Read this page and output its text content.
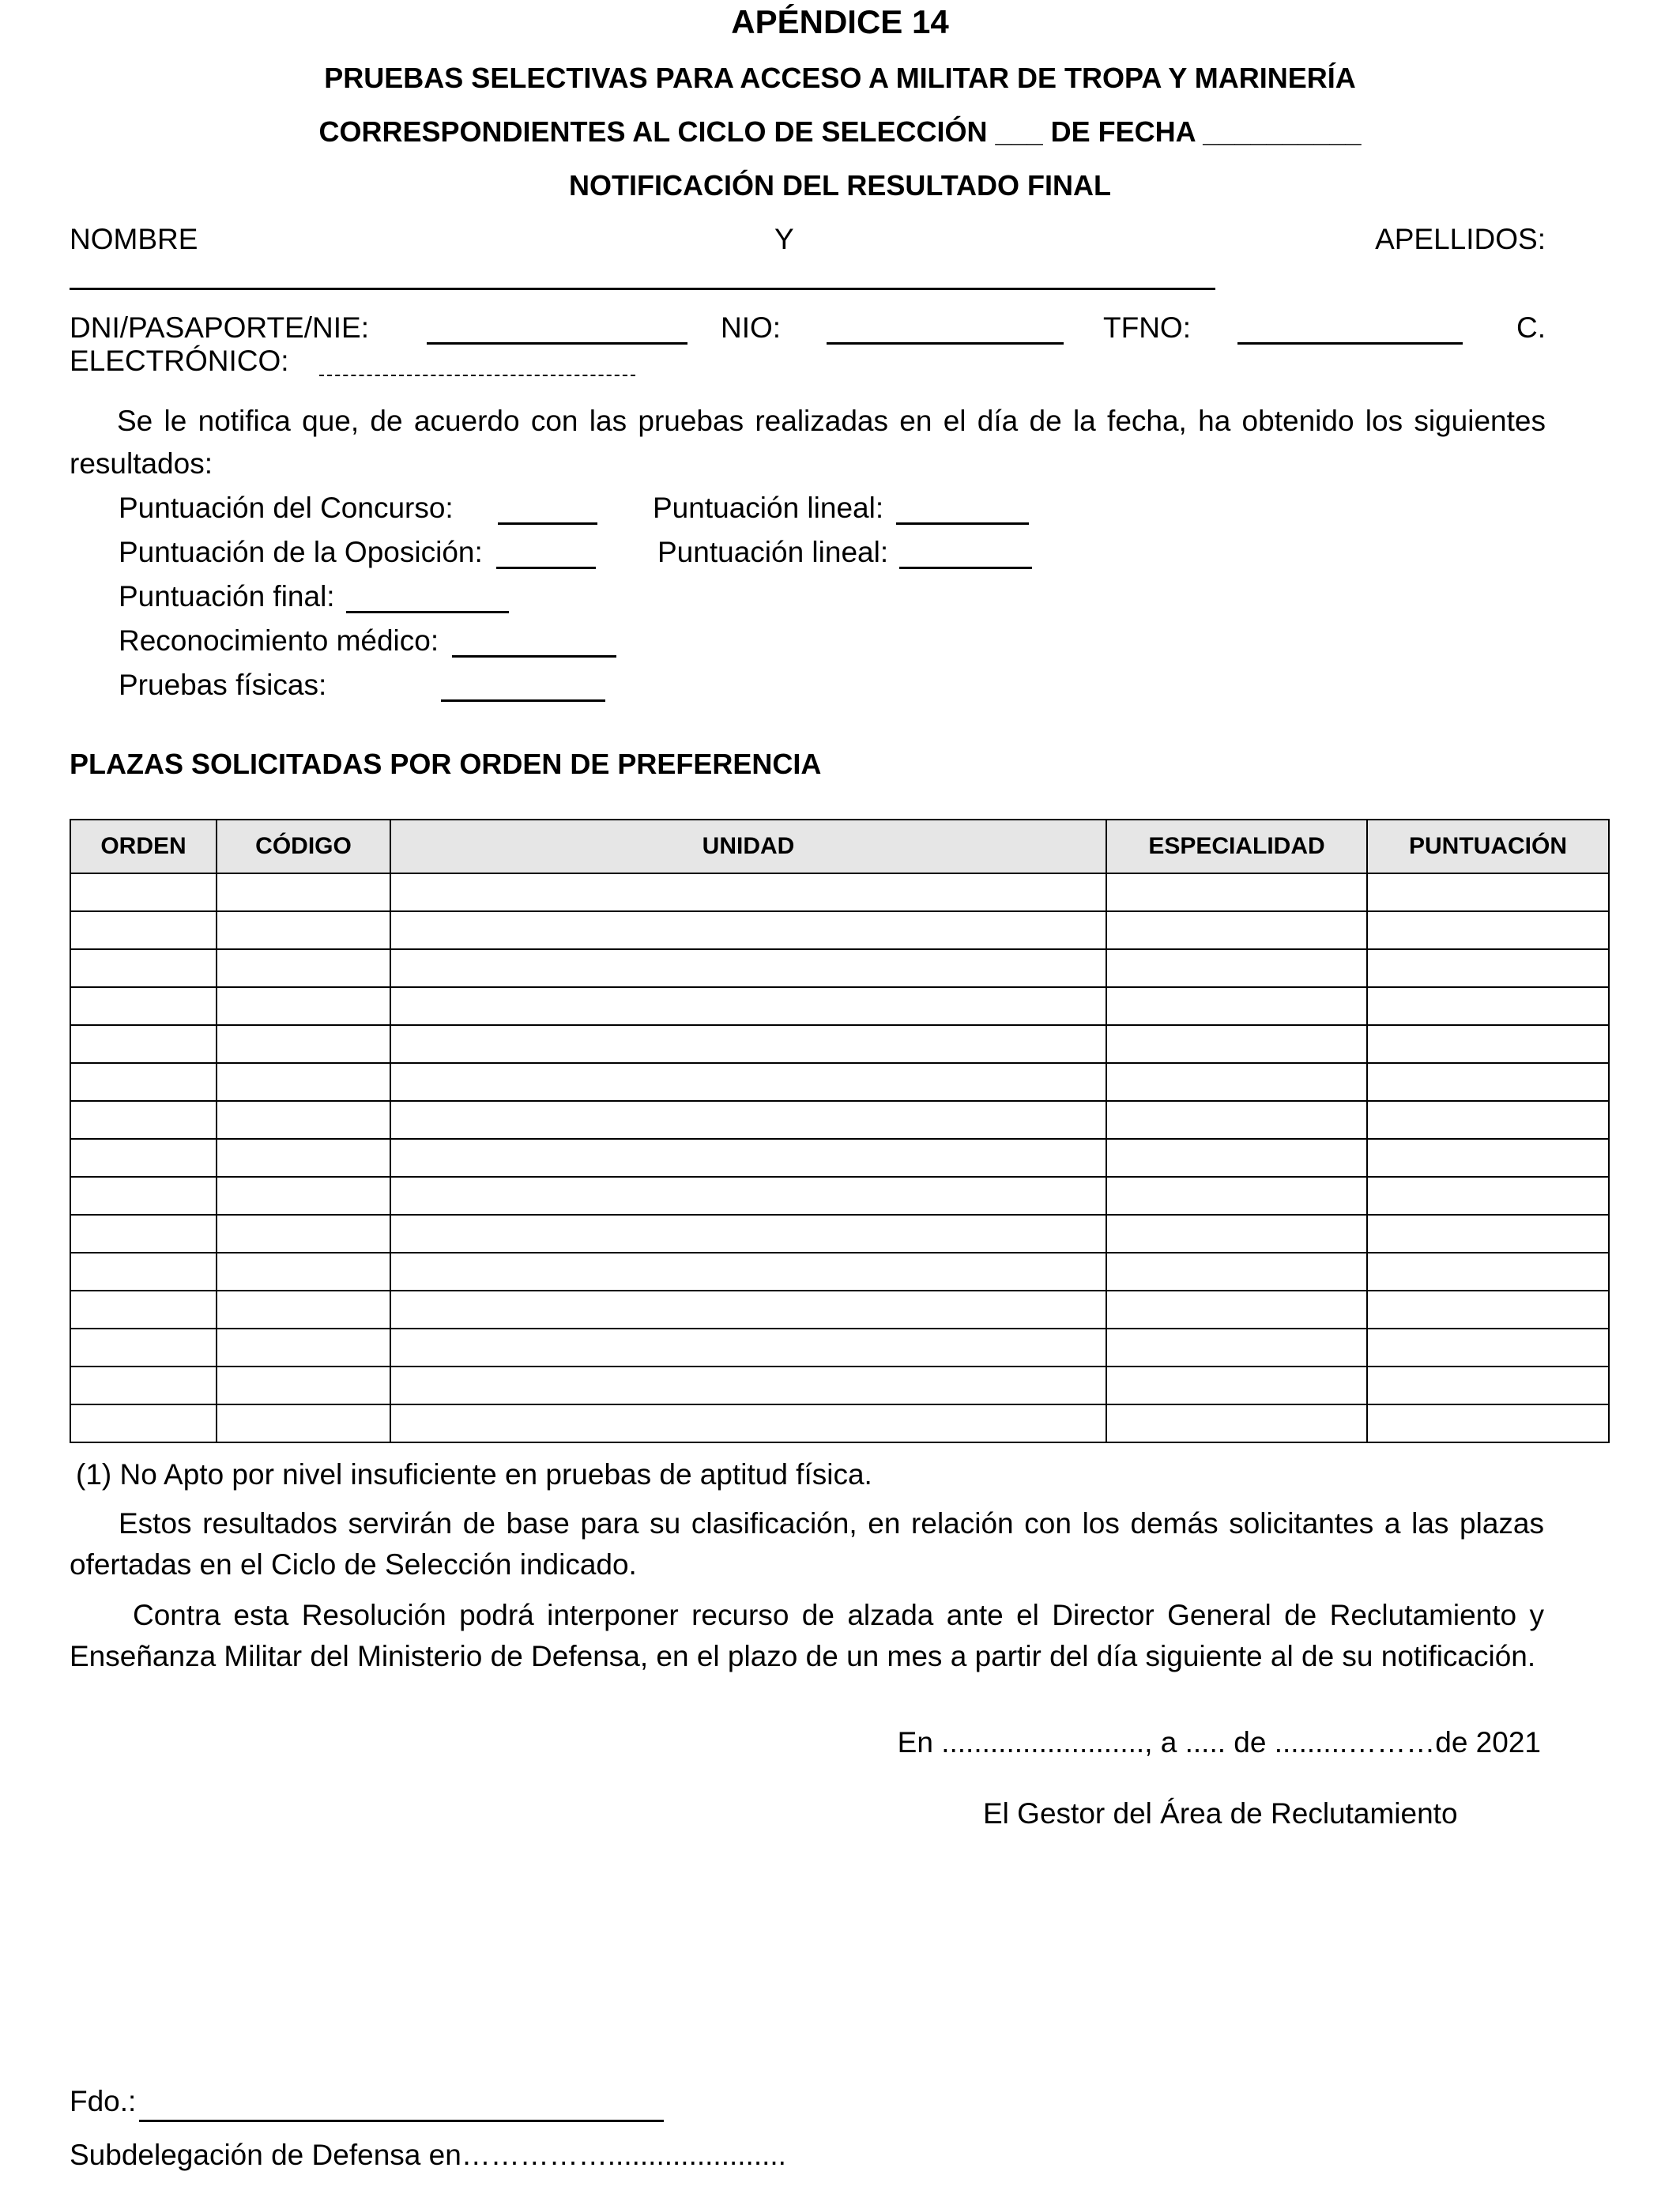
APÉNDICE 14
PRUEBAS SELECTIVAS PARA ACCESO A MILITAR DE TROPA Y MARINERÍA
CORRESPONDIENTES AL CICLO DE SELECCIÓN ___ DE FECHA __________
NOTIFICACIÓN DEL RESULTADO FINAL
NOMBRE	Y	APELLIDOS:
DNI/PASAPORTE/NIE:	NIO:	TFNO:	C.
ELECTRÓNICO:
Se le notifica que, de acuerdo con las pruebas realizadas en el día de la fecha, ha obtenido los siguientes resultados:
Puntuación del Concurso:	Puntuación lineal:
Puntuación de la Oposición:	Puntuación lineal:
Puntuación final:
Reconocimiento médico:
Pruebas físicas:
PLAZAS SOLICITADAS POR ORDEN DE PREFERENCIA
ORDEN	CÓDIGO	UNIDAD	ESPECIALIDAD	PUNTUACIÓN

(1) No Apto por nivel insuficiente en pruebas de aptitud física.
Estos resultados servirán de base para su clasificación, en relación con los demás solicitantes a las plazas ofertadas en el Ciclo de Selección indicado.
Contra esta Resolución podrá interponer recurso de alzada ante el Director General de Reclutamiento y Enseñanza Militar del Ministerio de Defensa, en el plazo de un mes a partir del día siguiente al de su notificación.
En ........................., a ..... de .........………de 2021
El Gestor del Área de Reclutamiento
Fdo.:
Subdelegación de Defensa en……………......................
